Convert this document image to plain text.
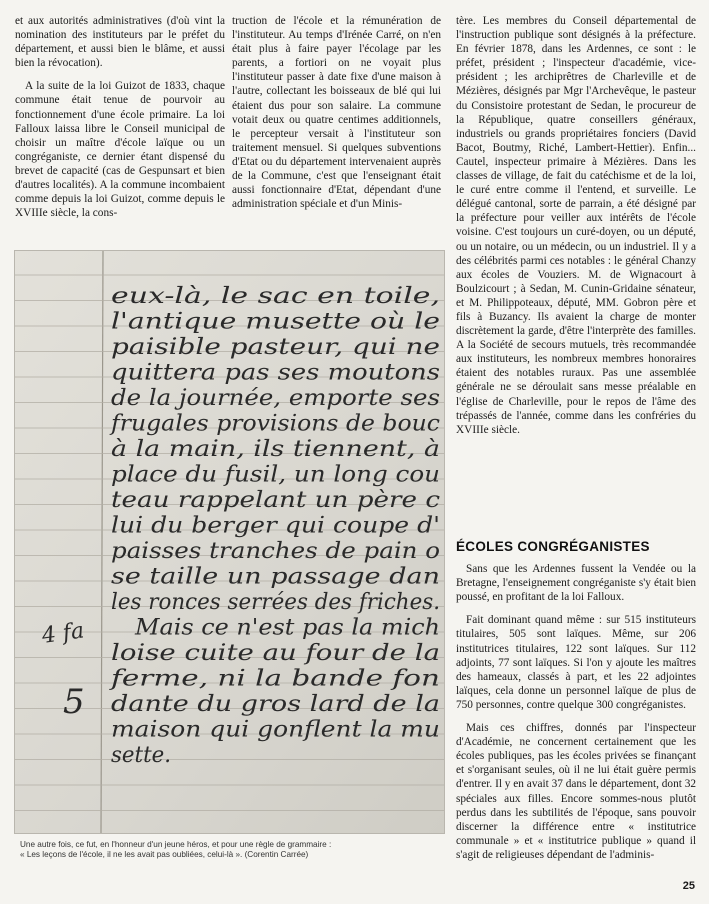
et aux autorités administratives (d'où vint la nomination des instituteurs par le préfet du département, et aussi bien le blâme, et aussi bien la révocation).

A la suite de la loi Guizot de 1833, chaque commune était tenue de pourvoir au fonctionnement d'une école primaire. La loi Falloux laissa libre le Conseil municipal de choisir un maître d'école laïque ou un congréganiste, ce dernier étant dispensé du brevet de capacité (cas de Gespunsart et bien d'autres localités). A la commune incombaient comme depuis la loi Guizot, comme depuis le XVIIIe siècle, la cons-

truction de l'école et la rémunération de l'instituteur. Au temps d'Irénée Carré, on n'en était plus à faire payer l'écolage par les parents, a fortiori on ne voyait plus l'instituteur passer à date fixe d'une maison à l'autre, collectant les boisseaux de blé qui lui étaient dus pour son salaire. La commune votait deux ou quatre centimes additionnels, le percepteur versait à l'instituteur son traitement mensuel. Si quelques subventions d'Etat ou du département intervenaient auprès de la Commune, c'est que l'enseignant était aussi fonctionnaire d'Etat, dépendant d'une administration spéciale et d'un Minis-

tère. Les membres du Conseil départemental de l'instruction publique sont désignés à la préfecture. En février 1878, dans les Ardennes, ce sont : le préfet, président ; l'inspecteur d'académie, vice-président ; les archiprêtres de Charleville et de Mézières, désignés par Mgr l'Archevêque, le pasteur du Consistoire protestant de Sedan, le procureur de la République, quatre conseillers généraux, industriels ou grands propriétaires fonciers (David Bacot, Boutmy, Riché, Lambert-Hettier). Enfin... Cautel, inspecteur primaire à Mézières. Dans les classes de village, de fait du catéchisme et de la loi, le curé entre comme il l'entend, et surveille. Le délégué cantonal, sorte de parrain, a été désigné par la préfecture pour veiller aux intérêts de l'école voisine. C'est toujours un curé-doyen, ou un député, ou un notaire, ou un médecin, ou un industriel. Il y a des célébrités parmi ces notables : le général Chanzy aux écoles de Vouziers. M. de Wignacourt à Boulzicourt ; à Sedan, M. Cunin-Gridaine sénateur, et M. Philippoteaux, député, MM. Gobron père et fils à Buzancy. Ils avaient la charge de monter discrètement la garde, d'être l'interprète des familles. A la Société de secours mutuels, très recommandée aux instituteurs, les nombreux membres honoraires étaient des notables ruraux. Pas une assemblée générale ne se déroulait sans messe préalable en l'église de Charleville, pour le repos de l'âme des trépassés de l'année, comme dans les confréries du XVIIIe siècle.

ÉCOLES CONGRÉGANISTES

Sans que les Ardennes fussent la Vendée ou la Bretagne, l'enseignement congréganiste s'y était bien poussé, en profitant de la loi Falloux.

Fait dominant quand même : sur 515 instituteurs titulaires, 505 sont laïques. Même, sur 206 institutrices titulaires, 122 sont laïques. Sur 112 adjoints, 77 sont laïques. Si l'on y ajoute les maîtres des hameaux, classés à part, et les 22 adjointes laïques, cela donne un personnel laïque de plus de 750 personnes, contre quelque 300 congréganistes.

Mais ces chiffres, donnés par l'inspecteur d'Académie, ne concernent certainement que les écoles publiques, pas les écoles privées se finançant et s'organisant seules, où il ne lui était guère permis d'entrer. Il y en avait 37 dans le département, dont 32 spéciales aux filles. Encore sommes-nous plutôt perdus dans les subtilités de l'époque, sans pouvoir discerner la différence entre « institutrice communale » et « institutrice publique » quand il s'agit de religieuses dépendant de l'adminis-

eux-là, le sac en toile,
l'antique musette où le
paisible pasteur, qui ne
quittera pas ses moutons
de la journée, emporte ses
frugales provisions de bouc
à la main, ils tiennent, à
place du fusil, un long cou
teau rappelant un père c
lui du berger qui coupe d'
paisses tranches de pain o
se taille un passage dan
les ronces serrées des friches.
Mais ce n'est pas la mich
loise cuite au four de la
ferme, ni la bande fon
dante du gros lard de la
maison qui gonflent la mu
sette.
4 fa
5
Une autre fois, ce fut, en l'honneur d'un jeune héros, et pour une règle de grammaire :
« Les leçons de l'école, il ne les avait pas oubliées, celui-là ». (Corentin Carrée)
25
